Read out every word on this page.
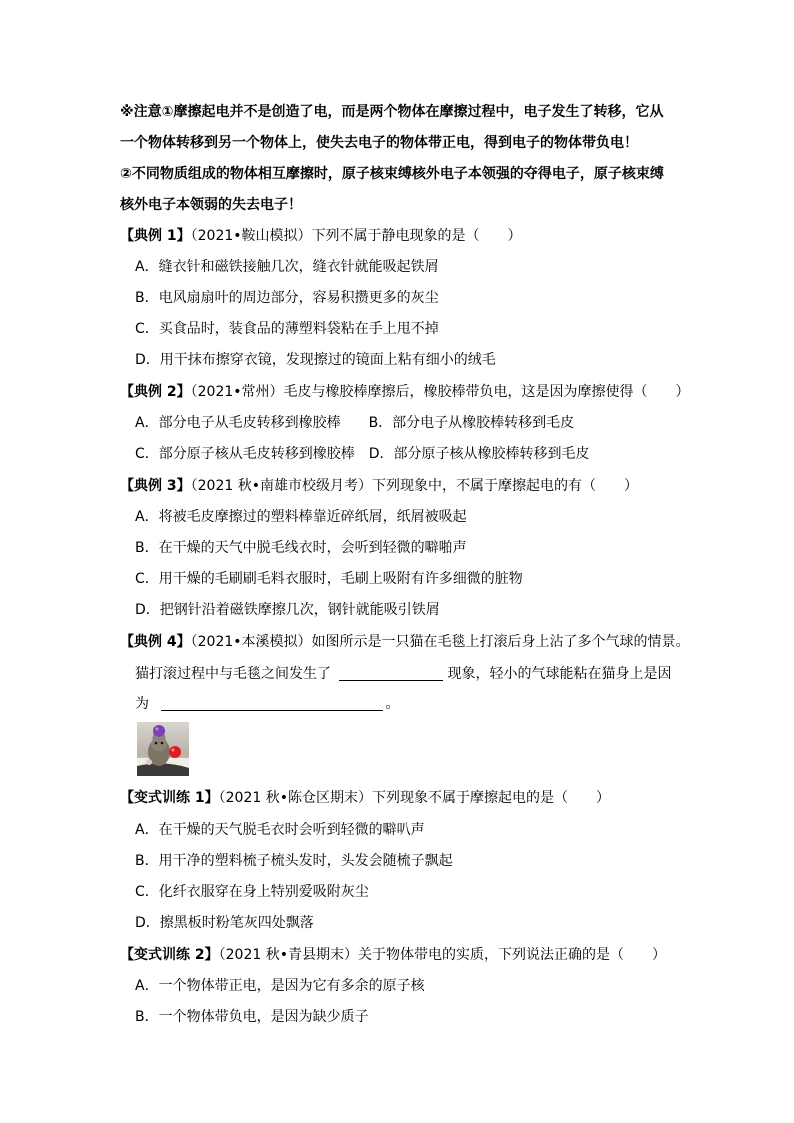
※注意①摩擦起电并不是创造了电，而是两个物体在摩擦过程中，电子发生了转移，它从
一个物体转移到另一个物体上，使失去电子的物体带正电，得到电子的物体带负电！
②不同物质组成的物体相互摩擦时，原子核束缚核外电子本领强的夺得电子，原子核束缚
核外电子本领弱的失去电子！
【典例 1】（2021•鞍山模拟）下列不属于静电现象的是（　　）
A．缝衣针和磁铁接触几次，缝衣针就能吸起铁屑
B．电风扇扇叶的周边部分，容易积攒更多的灰尘
C．买食品时，装食品的薄塑料袋粘在手上甩不掉
D．用干抹布擦穿衣镜，发现擦过的镜面上粘有细小的绒毛
【典例 2】（2021•常州）毛皮与橡胶棒摩擦后，橡胶棒带负电，这是因为摩擦使得（　　）
A．部分电子从毛皮转移到橡胶棒　　B．部分电子从橡胶棒转移到毛皮
C．部分原子核从毛皮转移到橡胶棒　D．部分原子核从橡胶棒转移到毛皮
【典例 3】（2021 秋•南雄市校级月考）下列现象中，不属于摩擦起电的有（　　）
A．将被毛皮摩擦过的塑料棒靠近碎纸屑，纸屑被吸起
B．在干燥的天气中脱毛线衣时，会听到轻微的噼啪声
C．用干燥的毛刷刷毛料衣服时，毛刷上吸附有许多细微的脏物
D．把钢针沿着磁铁摩擦几次，钢针就能吸引铁屑
【典例 4】（2021•本溪模拟）如图所示是一只猫在毛毯上打滚后身上沾了多个气球的情景。
猫打滚过程中与毛毯之间发生了	现象，轻小的气球能粘在猫身上是因
为	。
【变式训练 1】（2021 秋•陈仓区期末）下列现象不属于摩擦起电的是（　　）
A．在干燥的天气脱毛衣时会听到轻微的噼叭声
B．用干净的塑料梳子梳头发时，头发会随梳子飘起
C．化纤衣服穿在身上特别爱吸附灰尘
D．擦黑板时粉笔灰四处飘落
【变式训练 2】（2021 秋•青县期末）关于物体带电的实质，下列说法正确的是（　　）
A．一个物体带正电，是因为它有多余的原子核
B．一个物体带负电，是因为缺少质子
